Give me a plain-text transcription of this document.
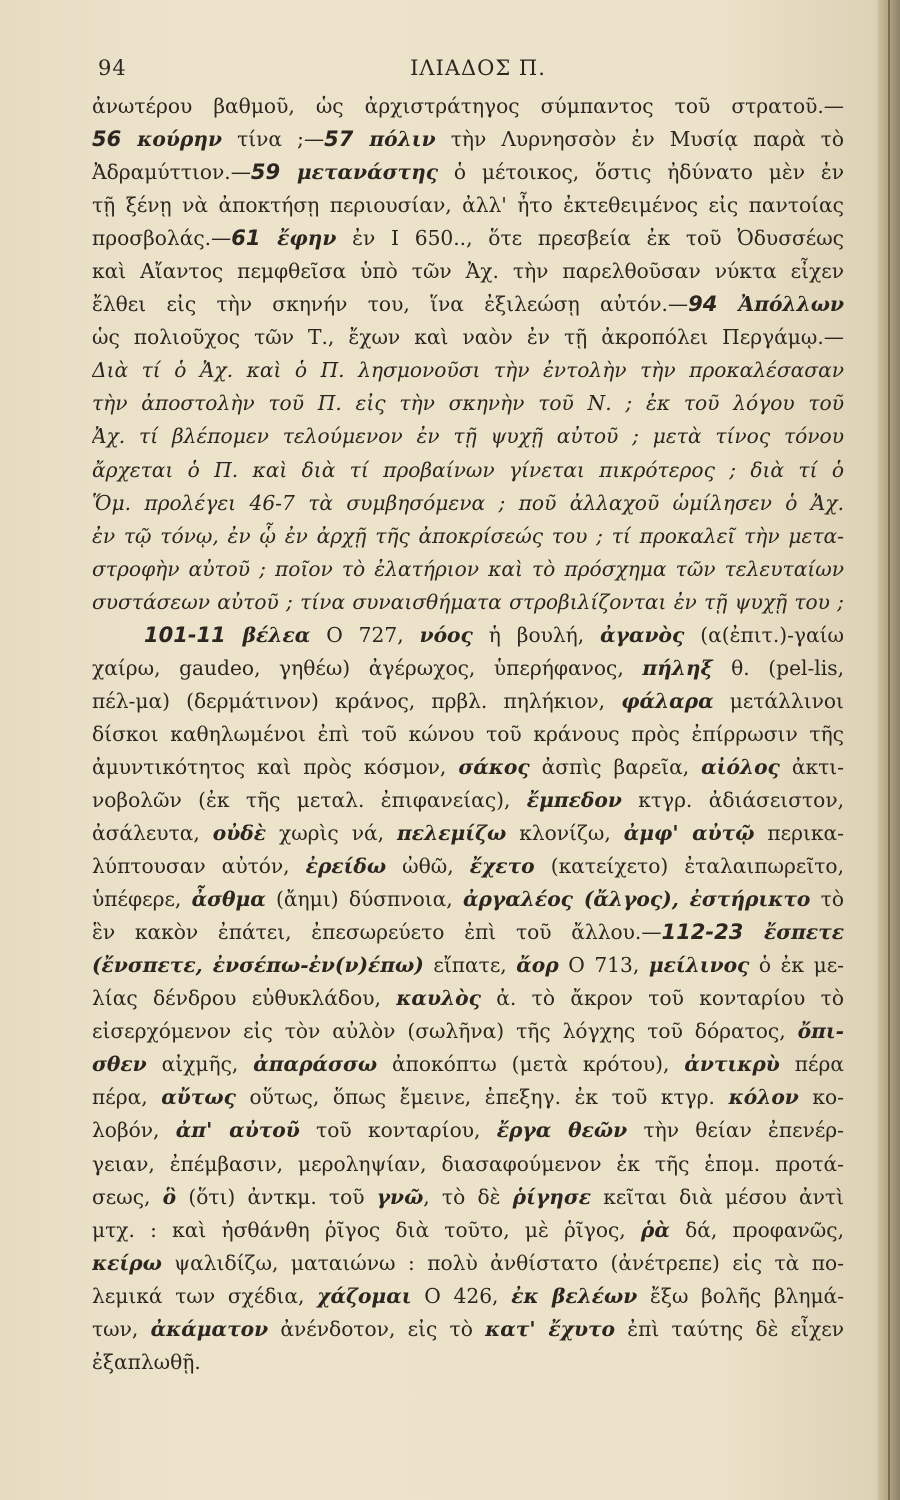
94	ΙΛΙΑΔΟΣ Π.
ἀνωτέρου βαθμοῦ, ὡς ἀρχιστράτηγος σύμπαντος τοῦ στρατοῦ.—
56 κούρην τίνα ;—57 πόλιν τὴν Λυρνησσὸν ἐν Μυσίᾳ παρὰ τὸ
Ἀδραμύττιον.—59 μετανάστης ὁ μέτοικος, ὅστις ἠδύνατο μὲν ἐν
τῇ ξένῃ νὰ ἀποκτήσῃ περιουσίαν, ἀλλ' ἦτο ἐκτεθειμένος εἰς παντοίας
προσβολάς.—61 ἔφην ἐν Ι 650.., ὅτε πρεσβεία ἐκ τοῦ Ὀδυσσέως
καὶ Αἴαντος πεμφθεῖσα ὑπὸ τῶν Ἀχ. τὴν παρελθοῦσαν νύκτα εἶχεν
ἔλθει εἰς τὴν σκηνήν του, ἵνα ἐξιλεώσῃ αὐτόν.—94 Ἀπόλλων
ὡς πολιοῦχος τῶν Τ., ἔχων καὶ ναὸν ἐν τῇ ἀκροπόλει Περγάμῳ.—
Διὰ τί ὁ Ἀχ. καὶ ὁ Π. λησμονοῦσι τὴν ἐντολὴν τὴν προκαλέσασαν
τὴν ἀποστολὴν τοῦ Π. εἰς τὴν σκηνὴν τοῦ Ν. ; ἐκ τοῦ λόγου τοῦ
Ἀχ. τί βλέπομεν τελούμενον ἐν τῇ ψυχῇ αὐτοῦ ; μετὰ τίνος τόνου
ἄρχεται ὁ Π. καὶ διὰ τί προβαίνων γίνεται πικρότερος ; διὰ τί ὁ
Ὅμ. προλέγει 46-7 τὰ συμβησόμενα ; ποῦ ἀλλαχοῦ ὡμίλησεν ὁ Ἀχ.
ἐν τῷ τόνῳ, ἐν ᾧ ἐν ἀρχῇ τῆς ἀποκρίσεώς του ; τί προκαλεῖ τὴν μετα-
στροφὴν αὐτοῦ ; ποῖον τὸ ἐλατήριον καὶ τὸ πρόσχημα τῶν τελευταίων
συστάσεων αὐτοῦ ; τίνα συναισθήματα στροβιλίζονται ἐν τῇ ψυχῇ του ;
101-11 βέλεα Ο 727, νόος ἡ βουλή, ἀγανὸς (α(ἐπιτ.)-γαίω
χαίρω, gaudeo, γηθέω) ἀγέρωχος, ὑπερήφανος, πήληξ θ. (pel-lis,
πέλ-μα) (δερμάτινον) κράνος, πρβλ. πηλήκιον, φάλαρα μετάλλινοι
δίσκοι καθηλωμένοι ἐπὶ τοῦ κώνου τοῦ κράνους πρὸς ἐπίρρωσιν τῆς
ἀμυντικότητος καὶ πρὸς κόσμον, σάκος ἀσπὶς βαρεῖα, αἰόλος ἀκτι-
νοβολῶν (ἐκ τῆς μεταλ. ἐπιφανείας), ἔμπεδον κτγρ. ἀδιάσειστον,
ἀσάλευτα, οὐδὲ χωρὶς νά, πελεμίζω κλονίζω, ἀμφ' αὐτῷ περικα-
λύπτουσαν αὐτόν, ἐρείδω ὠθῶ, ἔχετο (κατείχετο) ἐταλαιπωρεῖτο,
ὑπέφερε, ἆσθμα (ἄημι) δύσπνοια, ἀργαλέος (ἄλγος), ἐστήρικτο τὸ
ἓν κακὸν ἐπάτει, ἐπεσωρεύετο ἐπὶ τοῦ ἄλλου.—112-23 ἔσπετε
(ἔνσπετε, ἐνσέπω-ἐν(ν)έπω) εἴπατε, ἄορ Ο 713, μείλινος ὁ ἐκ με-
λίας δένδρου εὐθυκλάδου, καυλὸς ἀ. τὸ ἄκρον τοῦ κονταρίου τὸ
εἰσερχόμενον εἰς τὸν αὐλὸν (σωλῆνα) τῆς λόγχης τοῦ δόρατος, ὄπι-
σθεν αἰχμῆς, ἀπαράσσω ἀποκόπτω (μετὰ κρότου), ἀντικρὺ πέρα
πέρα, αὔτως οὕτως, ὅπως ἔμεινε, ἐπεξηγ. ἐκ τοῦ κτγρ. κόλον κο-
λοβόν, ἀπ' αὐτοῦ τοῦ κονταρίου, ἔργα θεῶν τὴν θείαν ἐπενέρ-
γειαν, ἐπέμβασιν, μεροληψίαν, διασαφούμενον ἐκ τῆς ἑπομ. προτά-
σεως, ὃ (ὅτι) ἀντκμ. τοῦ γνῶ, τὸ δὲ ῥίγησε κεῖται διὰ μέσου ἀντὶ
μτχ. : καὶ ἠσθάνθη ῥῖγος διὰ τοῦτο, μὲ ῥῖγος, ῥὰ δά, προφανῶς,
κείρω ψαλιδίζω, ματαιώνω : πολὺ ἀνθίστατο (ἀνέτρεπε) εἰς τὰ πο-
λεμικά των σχέδια, χάζομαι Ο 426, ἐκ βελέων ἔξω βολῆς βλημά-
των, ἀκάματον ἀνένδοτον, εἰς τὸ κατ' ἔχυτο ἐπὶ ταύτης δὲ εἶχεν
ἐξαπλωθῇ.
